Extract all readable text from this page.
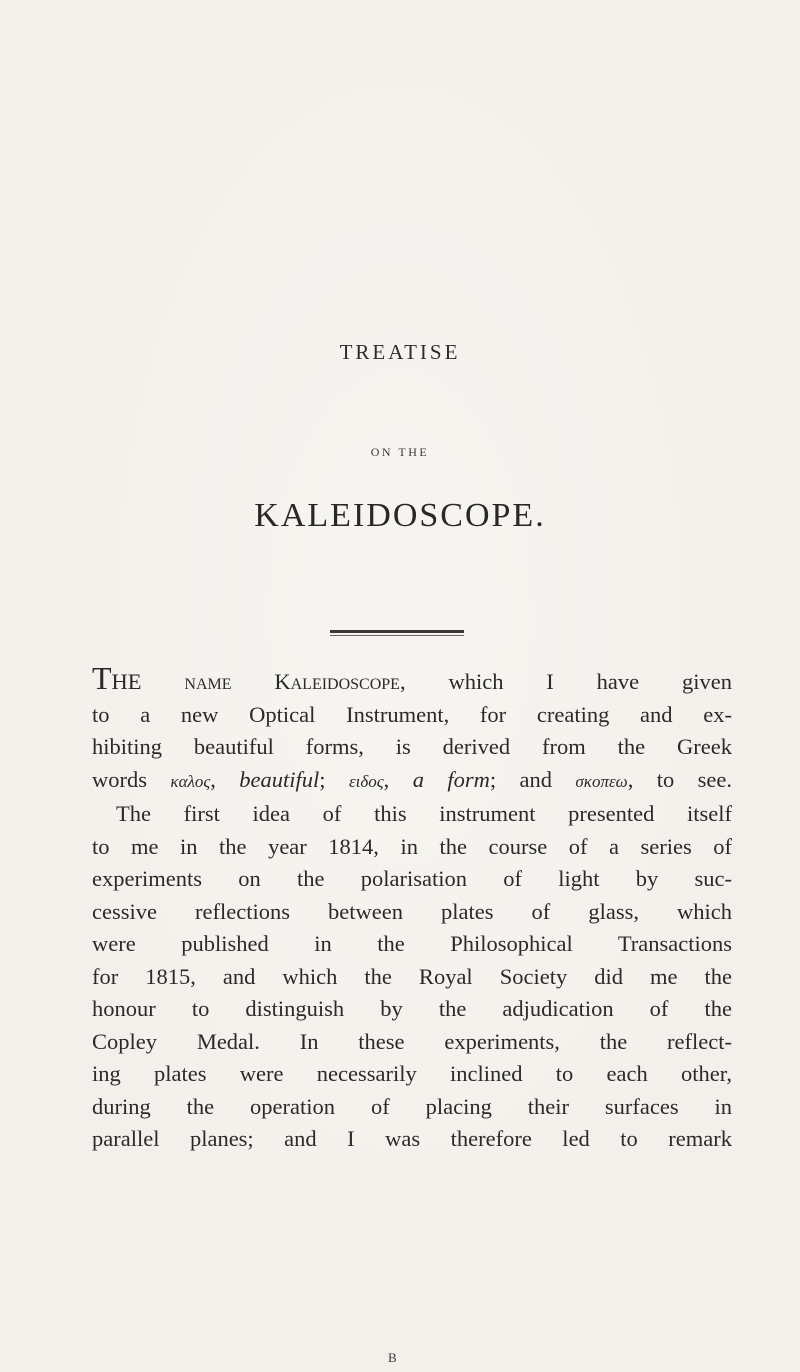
TREATISE
ON THE
KALEIDOSCOPE.
THE name Kaleidoscope, which I have given
to a new Optical Instrument, for creating and ex-
hibiting beautiful forms, is derived from the Greek
words καλος, beautiful; ειδος, a form; and σκοπεω, to see.
The first idea of this instrument presented itself
to me in the year 1814, in the course of a series of
experiments on the polarisation of light by suc-
cessive reflections between plates of glass, which
were published in the Philosophical Transactions
for 1815, and which the Royal Society did me the
honour to distinguish by the adjudication of the
Copley Medal. In these experiments, the reflect-
ing plates were necessarily inclined to each other,
during the operation of placing their surfaces in
parallel planes; and I was therefore led to remark
B
